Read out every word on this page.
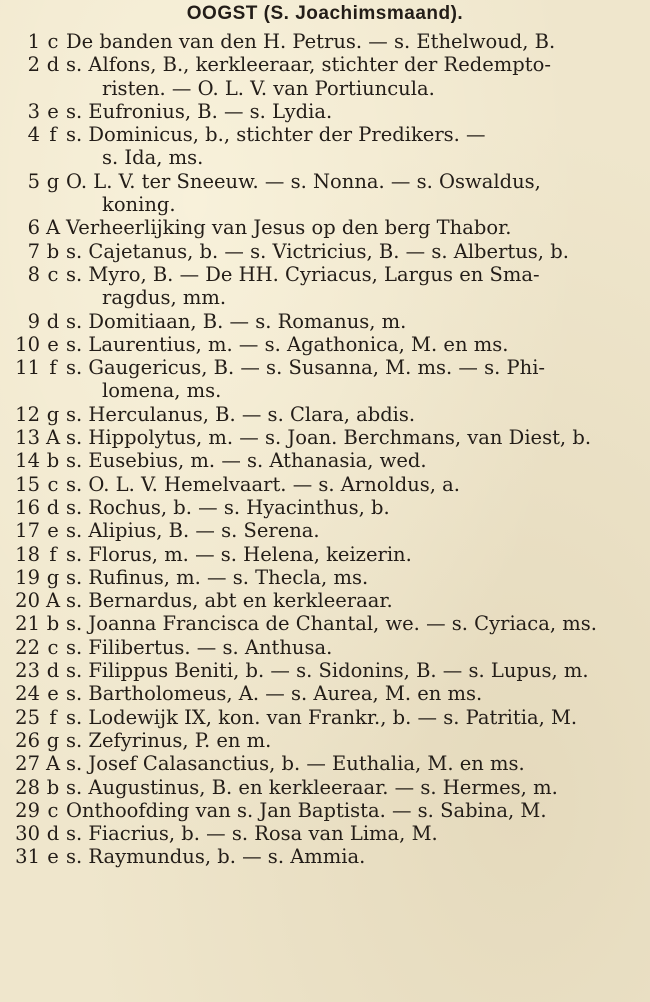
OOGST (S. Joachimsmaand).
1 c De banden van den H. Petrus. — s. Ethelwoud, B.
2 d s. Alfons, B., kerkleeraar, stichter der Redempto-
risten. — O. L. V. van Portiuncula.
3 e s. Eufronius, B. — s. Lydia.
4 f s. Dominicus, b., stichter der Predikers. —
s. Ida, ms.
5 g O. L. V. ter Sneeuw. — s. Nonna. — s. Oswaldus,
koning.
6 A Verheerlijking van Jesus op den berg Thabor.
7 b s. Cajetanus, b. — s. Victricius, B. — s. Albertus, b.
8 c s. Myro, B. — De HH. Cyriacus, Largus en Sma-
ragdus, mm.
9 d s. Domitiaan, B. — s. Romanus, m.
10 e s. Laurentius, m. — s. Agathonica, M. en ms.
11 f s. Gaugericus, B. — s. Susanna, M. ms. — s. Phi-
lomena, ms.
12 g s. Herculanus, B. — s. Clara, abdis.
13 A s. Hippolytus, m. — s. Joan. Berchmans, van Diest, b.
14 b s. Eusebius, m. — s. Athanasia, wed.
15 c s. O. L. V. Hemelvaart. — s. Arnoldus, a.
16 d s. Rochus, b. — s. Hyacinthus, b.
17 e s. Alipius, B. — s. Serena.
18 f s. Florus, m. — s. Helena, keizerin.
19 g s. Rufinus, m. — s. Thecla, ms.
20 A s. Bernardus, abt en kerkleeraar.
21 b s. Joanna Francisca de Chantal, we. — s. Cyriaca, ms.
22 c s. Filibertus. — s. Anthusa.
23 d s. Filippus Beniti, b. — s. Sidonins, B. — s. Lupus, m.
24 e s. Bartholomeus, A. — s. Aurea, M. en ms.
25 f s. Lodewijk IX, kon. van Frankr., b. — s. Patritia, M.
26 g s. Zefyrinus, P. en m.
27 A s. Josef Calasanctius, b. — Euthalia, M. en ms.
28 b s. Augustinus, B. en kerkleeraar. — s. Hermes, m.
29 c Onthoofding van s. Jan Baptista. — s. Sabina, M.
30 d s. Fiacrius, b. — s. Rosa van Lima, M.
31 e s. Raymundus, b. — s. Ammia.
